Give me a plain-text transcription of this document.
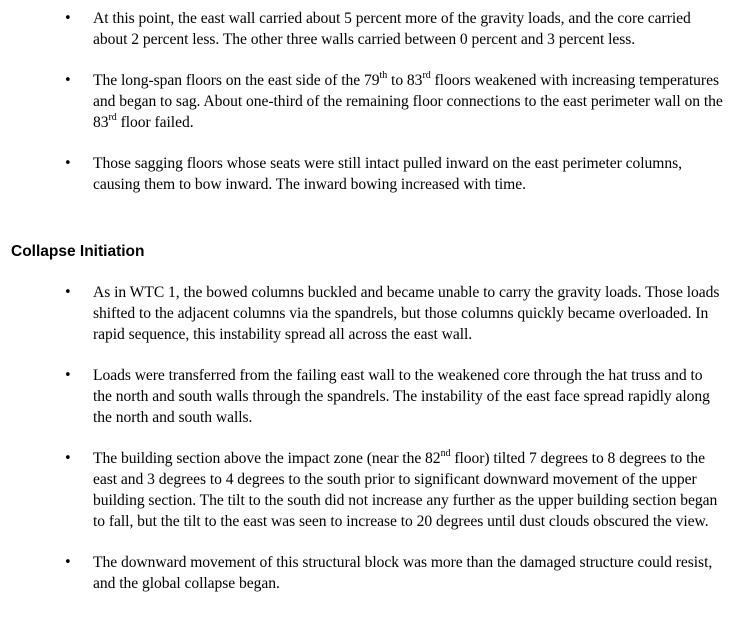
• At this point, the east wall carried about 5 percent more of the gravity loads, and the core carried about 2 percent less. The other three walls carried between 0 percent and 3 percent less.
• The long-span floors on the east side of the 79th to 83rd floors weakened with increasing temperatures and began to sag. About one-third of the remaining floor connections to the east perimeter wall on the 83rd floor failed.
• Those sagging floors whose seats were still intact pulled inward on the east perimeter columns, causing them to bow inward. The inward bowing increased with time.
Collapse Initiation
• As in WTC 1, the bowed columns buckled and became unable to carry the gravity loads. Those loads shifted to the adjacent columns via the spandrels, but those columns quickly became overloaded. In rapid sequence, this instability spread all across the east wall.
• Loads were transferred from the failing east wall to the weakened core through the hat truss and to the north and south walls through the spandrels. The instability of the east face spread rapidly along the north and south walls.
• The building section above the impact zone (near the 82nd floor) tilted 7 degrees to 8 degrees to the east and 3 degrees to 4 degrees to the south prior to significant downward movement of the upper building section. The tilt to the south did not increase any further as the upper building section began to fall, but the tilt to the east was seen to increase to 20 degrees until dust clouds obscured the view.
• The downward movement of this structural block was more than the damaged structure could resist, and the global collapse began.
